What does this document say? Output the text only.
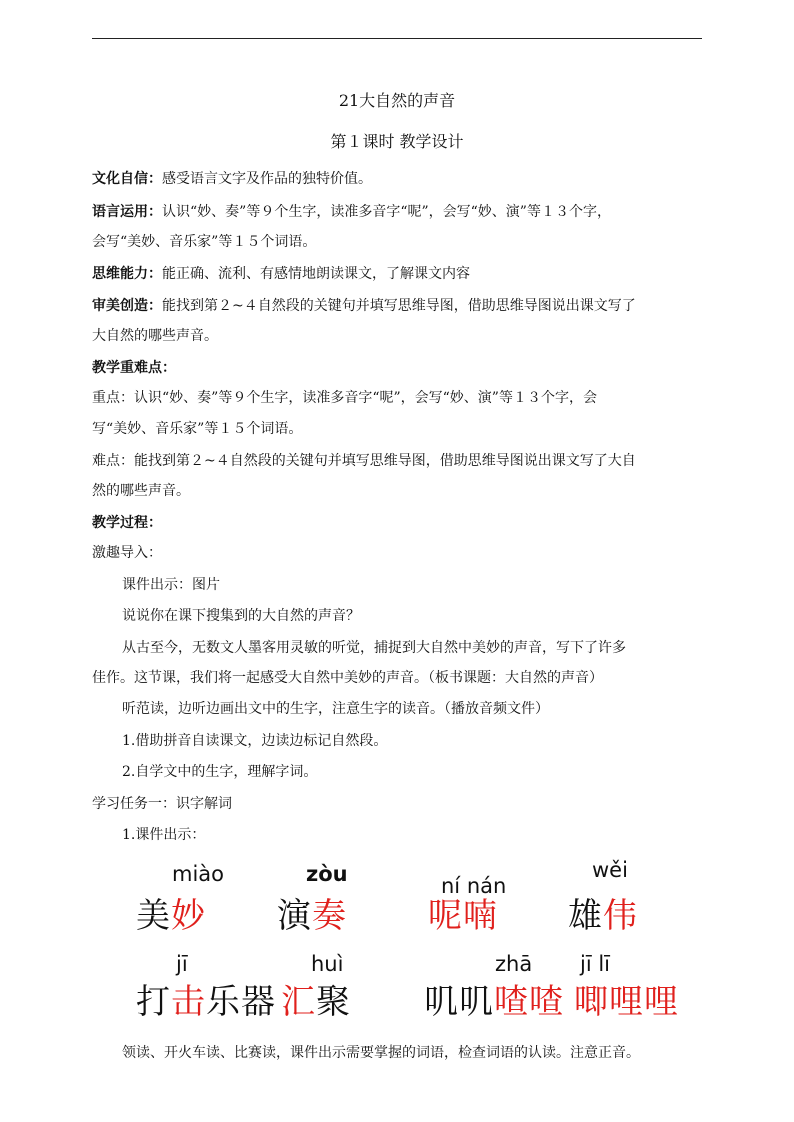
21大自然的声音
第１课时 教学设计
文化自信：感受语言文字及作品的独特价值。
语言运用：认识“妙、奏”等９个生字，读准多音字“呢”，会写“妙、演”等１３个字，
会写“美妙、音乐家”等１５个词语。
思维能力：能正确、流利、有感情地朗读课文，了解课文内容
审美创造：能找到第２~４自然段的关键句并填写思维导图，借助思维导图说出课文写了
大自然的哪些声音。
教学重难点：
重点：认识“妙、奏”等９个生字，读准多音字“呢”，会写“妙、演”等１３个字，会
写“美妙、音乐家”等１５个词语。
难点：能找到第２~４自然段的关键句并填写思维导图，借助思维导图说出课文写了大自
然的哪些声音。
教学过程：
激趣导入：
课件出示：图片
说说你在课下搜集到的大自然的声音？
从古至今，无数文人墨客用灵敏的听觉，捕捉到大自然中美妙的声音，写下了许多
佳作。这节课，我们将一起感受大自然中美妙的声音。（板书课题：大自然的声音）
听范读，边听边画出文中的生字，注意生字的读音。（播放音频文件）
1.借助拼音自读课文，边读边标记自然段。
2.自学文中的生字，理解字词。
学习任务一：识字解词
1.课件出示：
miào	zòu	ní nán
wěi
美妙 演奏 呢喃 雄伟
jī	huì	zhā jī lī
打击乐器 汇聚 叽叽喳喳 唧哩哩
领读、开火车读、比赛读，课件出示需要掌握的词语，检查词语的认读。注意正音。
